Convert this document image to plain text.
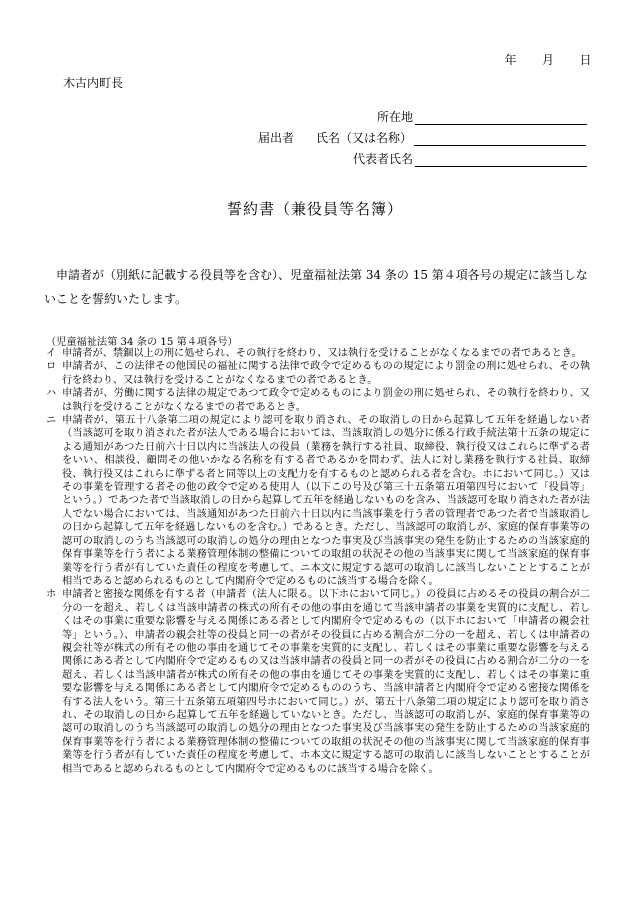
年　　月　　日
木古内町長
所在地
届出者 氏名（又は名称）
代表者氏名
誓約書（兼役員等名簿）
申請者が（別紙に記載する役員等を含む）、児童福祉法第 34 条の 15 第４項各号の規定に該当しないことを誓約いたします。
（児童福祉法第 34 条の 15 第４項各号）
イ 申請者が、禁錮以上の刑に処せられ、その執行を終わり、又は執行を受けることがなくなるまでの者であるとき。
ロ 申請者が、この法律その他国民の福祉に関する法律で政令で定めるものの規定により罰金の刑に処せられ、その執行を終わり、又は執行を受けることがなくなるまでの者であるとき。
ハ 申請者が、労働に関する法律の規定であつて政令で定めるものにより罰金の刑に処せられ、その執行を終わり、又は執行を受けることがなくなるまでの者であるとき。
ニ 申請者が、第五十八条第二項の規定により認可を取り消され、その取消しの日から起算して五年を経過しない者（当該認可を取り消された者が法人である場合においては、当該取消しの処分に係る行政手続法第十五条の規定による通知があつた日前六十日以内に当該法人の役員（業務を執行する社員、取締役、執行役又はこれらに準ずる者をいい、相談役、顧問その他いかなる名称を有する者であるかを問わず、法人に対し業務を執行する社員、取締役、執行役又はこれらに準ずる者と同等以上の支配力を有するものと認められる者を含む。ホにおいて同じ。）又はその事業を管理する者その他の政令で定める使用人（以下この号及び第三十五条第五項第四号において「役員等」という。）であつた者で当該取消しの日から起算して五年を経過しないものを含み、当該認可を取り消された者が法人でない場合においては、当該通知があつた日前六十日以内に当該事業を行う者の管理者であつた者で当該取消しの日から起算して五年を経過しないものを含む。）であるとき。ただし、当該認可の取消しが、家庭的保育事業等の認可の取消しのうち当該認可の取消しの処分の理由となつた事実及び当該事実の発生を防止するための当該家庭的保育事業等を行う者による業務管理体制の整備についての取組の状況その他の当該事実に関して当該家庭的保育事業等を行う者が有していた責任の程度を考慮して、ニ本文に規定する認可の取消しに該当しないこととすることが相当であると認められるものとして内閣府令で定めるものに該当する場合を除く。
ホ 申請者と密接な関係を有する者（申請者（法人に限る。以下ホにおいて同じ。）の役員に占めるその役員の割合が二分の一を超え、若しくは当該申請者の株式の所有その他の事由を通じて当該申請者の事業を実質的に支配し、若しくはその事業に重要な影響を与える関係にある者として内閣府令で定めるもの（以下ホにおいて「申請者の親会社等」という。）、申請者の親会社等の役員と同一の者がその役員に占める割合が二分の一を超え、若しくは申請者の親会社等が株式の所有その他の事由を通じてその事業を実質的に支配し、若しくはその事業に重要な影響を与える関係にある者として内閣府令で定めるもの又は当該申請者の役員と同一の者がその役員に占める割合が二分の一を超え、若しくは当該申請者が株式の所有その他の事由を通じてその事業を実質的に支配し、若しくはその事業に重要な影響を与える関係にある者として内閣府令で定めるもののうち、当該申請者と内閣府令で定める密接な関係を有する法人をいう。第三十五条第五項第四号ホにおいて同じ。）が、第五十八条第二項の規定により認可を取り消され、その取消しの日から起算して五年を経過していないとき。ただし、当該認可の取消しが、家庭的保育事業等の認可の取消しのうち当該認可の取消しの処分の理由となつた事実及び当該事実の発生を防止するための当該家庭的保育事業等を行う者による業務管理体制の整備についての取組の状況その他の当該事実に関して当該家庭的保育事業等を行う者が有していた責任の程度を考慮して、ホ本文に規定する認可の取消しに該当しないこととすることが相当であると認められるものとして内閣府令で定めるものに該当する場合を除く。
